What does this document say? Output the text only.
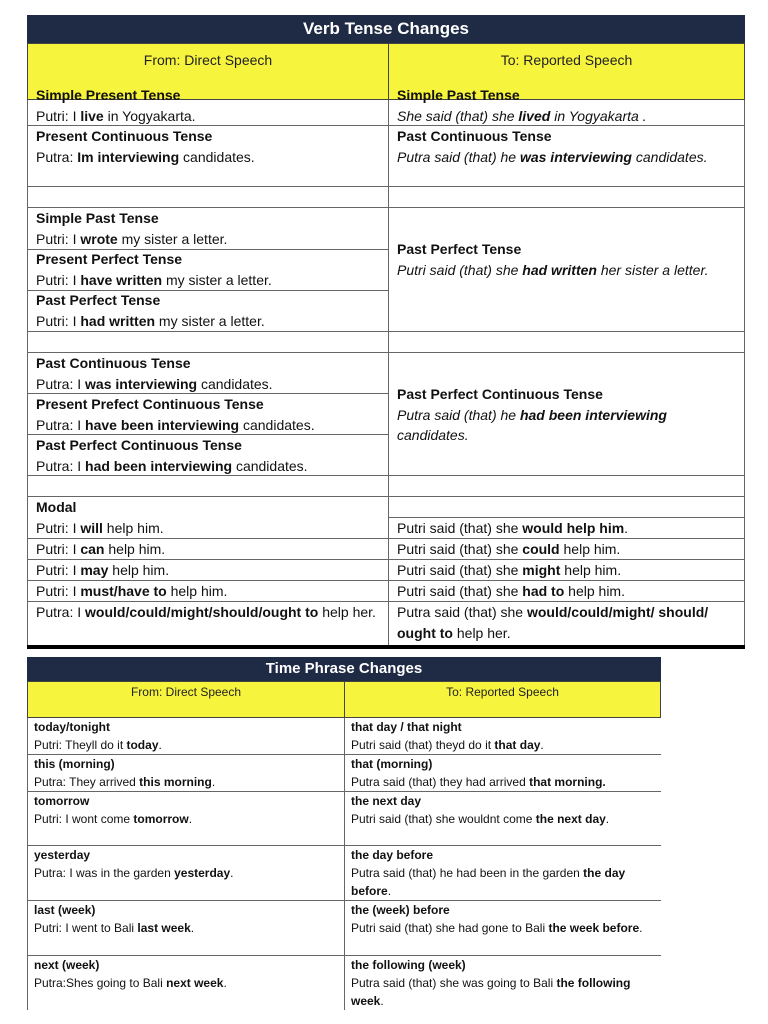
Verb Tense Changes
From: Direct Speech	To: Reported Speech
Simple Present Tense
Putri: I live in Yogyakarta.
Present Continuous Tense
Putra: Im interviewing candidates.
Simple Past Tense
She said (that) she lived in Yogyakarta .
Past Continuous Tense
Putra said (that) he was interviewing candidates.
Simple Past Tense
Putri: I wrote my sister a letter.
Present Perfect Tense
Putri: I have written my sister a letter.
Past Perfect Tense
Putri: I had written my sister a letter.
Past Perfect Tense
Putri said (that) she had written her sister a letter.
Past Continuous Tense
Putra: I was interviewing candidates.
Present Prefect Continuous Tense
Putra: I have been interviewing candidates.
Past Perfect Continuous Tense
Putra: I had been interviewing candidates.
Past Perfect Continuous Tense
Putra said (that) he had been interviewing candidates.
Modal
Putri: I will help him.
Putri: I can help him.
Putri: I may help him.
Putri: I must/have to help him.
Putra: I would/could/might/should/ought to help her.
Putri said (that) she would help him.
Putri said (that) she could help him.
Putri said (that) she might help him.
Putri said (that) she had to help him.
Putra said (that) she would/could/might/ should/ ought to help her.
Time Phrase Changes
From: Direct Speech	To: Reported Speech
today/tonight
Putri: Theyll do it today.
that day / that night
Putri said (that) theyd do it that day.
this (morning)
Putra: They arrived this morning.
that (morning)
Putra said (that) they had arrived that morning.
tomorrow
Putri: I wont come tomorrow.
the next day
Putri said (that) she wouldnt come the next day.
yesterday
Putra: I was in the garden yesterday.
the day before
Putra said (that) he had been in the garden the day before.
last (week)
Putri: I went to Bali last week.
the (week) before
Putri said (that) she had gone to Bali the week before.
next (week)
Putra:Shes going to Bali next week.
the following (week)
Putra said (that) she was going to Bali the following week.
